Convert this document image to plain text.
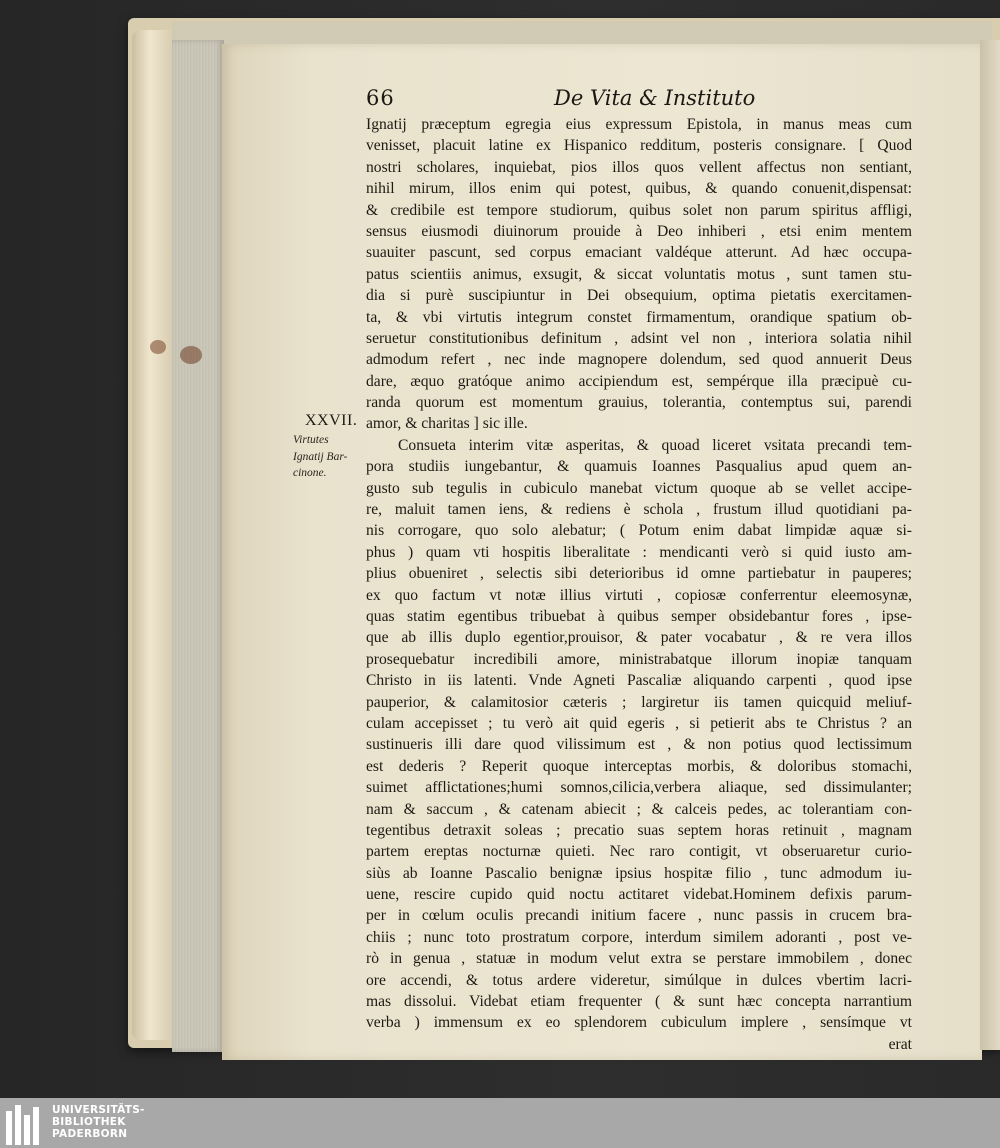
66	De Vita & Instituto
XXVII.
Virtutes
Ignatij Bar-
cinone.
Ignatij præceptum egregia eius expressum Epistola, in manus meas cum
venisset, placuit latine ex Hispanico redditum, posteris consignare. [ Quod
nostri scholares, inquiebat, pios illos quos vellent affectus non sentiant,
nihil mirum, illos enim qui potest, quibus, & quando conuenit,dispensat:
& credibile est tempore studiorum, quibus solet non parum spiritus affligi,
sensus eiusmodi diuinorum prouide à Deo inhiberi , etsi enim mentem
suauiter pascunt, sed corpus emaciant valdéque atterunt. Ad hæc occupa-
patus scientiis animus, exsugit, & siccat voluntatis motus , sunt tamen stu-
dia si purè suscipiuntur in Dei obsequium, optima pietatis exercitamen-
ta, & vbi virtutis integrum constet firmamentum, orandique spatium ob-
seruetur constitutionibus definitum , adsint vel non , interiora solatia nihil
admodum refert , nec inde magnopere dolendum, sed quod annuerit Deus
dare, æquo gratóque animo accipiendum est, sempérque illa præcipuè cu-
randa quorum est momentum grauius, tolerantia, contemptus sui, parendi
amor, & charitas ] sic ille.
Consueta interim vitæ asperitas, & quoad liceret vsitata precandi tem-
pora studiis iungebantur, & quamuis Ioannes Pasqualius apud quem an-
gusto sub tegulis in cubiculo manebat victum quoque ab se vellet accipe-
re, maluit tamen iens, & rediens è schola , frustum illud quotidiani pa-
nis corrogare, quo solo alebatur; ( Potum enim dabat limpidæ aquæ si-
phus ) quam vti hospitis liberalitate : mendicanti verò si quid iusto am-
plius obueniret , selectis sibi deterioribus id omne partiebatur in pauperes;
ex quo factum vt notæ illius virtuti , copiosæ conferrentur eleemosynæ,
quas statim egentibus tribuebat à quibus semper obsidebantur fores , ipse-
que ab illis duplo egentior,prouisor, & pater vocabatur , & re vera illos
prosequebatur incredibili amore, ministrabatque illorum inopiæ tanquam
Christo in iis latenti. Vnde Agneti Pascaliæ aliquando carpenti , quod ipse
pauperior, & calamitosior cæteris ; largiretur iis tamen quicquid meliuf-
culam accepisset ; tu verò ait quid egeris , si petierit abs te Christus ? an
sustinueris illi dare quod vilissimum est , & non potius quod lectissimum
est dederis ? Reperit quoque interceptas morbis, & doloribus stomachi,
suimet afflictationes;humi somnos,cilicia,verbera aliaque, sed dissimulanter;
nam & saccum , & catenam abiecit ; & calceis pedes, ac tolerantiam con-
tegentibus detraxit soleas ; precatio suas septem horas retinuit , magnam
partem ereptas nocturnæ quieti. Nec raro contigit, vt obseruaretur curio-
siùs ab Ioanne Pascalio benignæ ipsius hospitæ filio , tunc admodum iu-
uene, rescire cupido quid noctu actitaret videbat.Hominem defixis parum-
per in cœlum oculis precandi initium facere , nunc passis in crucem bra-
chiis ; nunc toto prostratum corpore, interdum similem adoranti , post ve-
rò in genua , statuæ in modum velut extra se perstare immobilem , donec
ore accendi, & totus ardere videretur, simúlque in dulces vbertim lacri-
mas dissolui. Videbat etiam frequenter ( & sunt hæc concepta narrantium
verba ) immensum ex eo splendorem cubiculum implere , sensímque vt
erat
UNIVERSITÄTS-
BIBLIOTHEK
PADERBORN
